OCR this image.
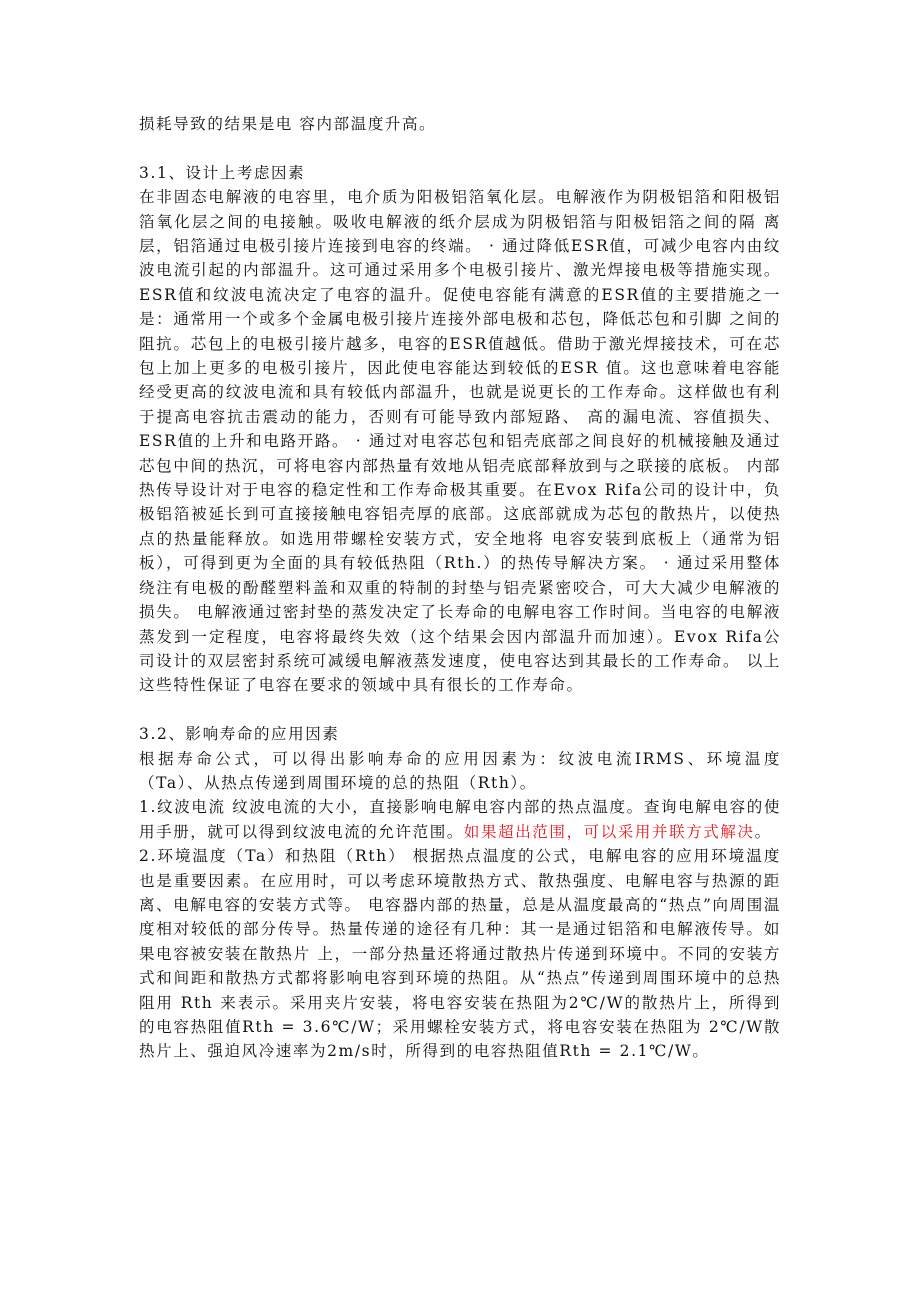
损耗导致的结果是电 容内部温度升高。

3.1、设计上考虑因素

在非固态电解液的电容里，电介质为阳极铝箔氧化层。电解液作为阴极铝箔和阳极铝箔氧化层之间的电接触。吸收电解液的纸介层成为阴极铝箔与阳极铝箔之间的隔 离层，铝箔通过电极引接片连接到电容的终端。 · 通过降低ESR值，可减少电容内由纹波电流引起的内部温升。这可通过采用多个电极引接片、激光焊接电极等措施实现。 ESR值和纹波电流决定了电容的温升。促使电容能有满意的ESR值的主要措施之一是：通常用一个或多个金属电极引接片连接外部电极和芯包，降低芯包和引脚 之间的阻抗。芯包上的电极引接片越多，电容的ESR值越低。借助于激光焊接技术，可在芯包上加上更多的电极引接片，因此使电容能达到较低的ESR 值。这也意味着电容能经受更高的纹波电流和具有较低内部温升，也就是说更长的工作寿命。这样做也有利于提高电容抗击震动的能力，否则有可能导致内部短路、 高的漏电流、容值损失、ESR值的上升和电路开路。 · 通过对电容芯包和铝壳底部之间良好的机械接触及通过芯包中间的热沉，可将电容内部热量有效地从铝壳底部释放到与之联接的底板。 内部热传导设计对于电容的稳定性和工作寿命极其重要。在Evox Rifa公司的设计中，负极铝箔被延长到可直接接触电容铝壳厚的底部。这底部就成为芯包的散热片，以使热点的热量能释放。如选用带螺栓安装方式，安全地将 电容安装到底板上（通常为铝板），可得到更为全面的具有较低热阻（Rth.）的热传导解决方案。 · 通过采用整体绕注有电极的酚醛塑料盖和双重的特制的封垫与铝壳紧密咬合，可大大减少电解液的损失。 电解液通过密封垫的蒸发决定了长寿命的电解电容工作时间。当电容的电解液蒸发到一定程度，电容将最终失效（这个结果会因内部温升而加速）。Evox Rifa公司设计的双层密封系统可减缓电解液蒸发速度，使电容达到其最长的工作寿命。 以上这些特性保证了电容在要求的领域中具有很长的工作寿命。

3.2、影响寿命的应用因素

根据寿命公式，可以得出影响寿命的应用因素为：纹波电流IRMS、环境温度（Ta）、从热点传递到周围环境的总的热阻（Rth）。

1.纹波电流 纹波电流的大小，直接影响电解电容内部的热点温度。查询电解电容的使用手册，就可以得到纹波电流的允许范围。如果超出范围，可以采用并联方式解决。

2.环境温度（Ta）和热阻（Rth） 根据热点温度的公式，电解电容的应用环境温度也是重要因素。在应用时，可以考虑环境散热方式、散热强度、电解电容与热源的距离、电解电容的安装方式等。 电容器内部的热量，总是从温度最高的“热点”向周围温度相对较低的部分传导。热量传递的途径有几种：其一是通过铝箔和电解液传导。如果电容被安装在散热片 上，一部分热量还将通过散热片传递到环境中。不同的安装方式和间距和散热方式都将影响电容到环境的热阻。从“热点”传递到周围环境中的总热阻用 Rth 来表示。采用夹片安装，将电容安装在热阻为2℃/W的散热片上，所得到的电容热阻值Rth = 3.6℃/W；采用螺栓安装方式，将电容安装在热阻为 2℃/W散热片上、强迫风冷速率为2m/s时，所得到的电容热阻值Rth = 2.1℃/W。
